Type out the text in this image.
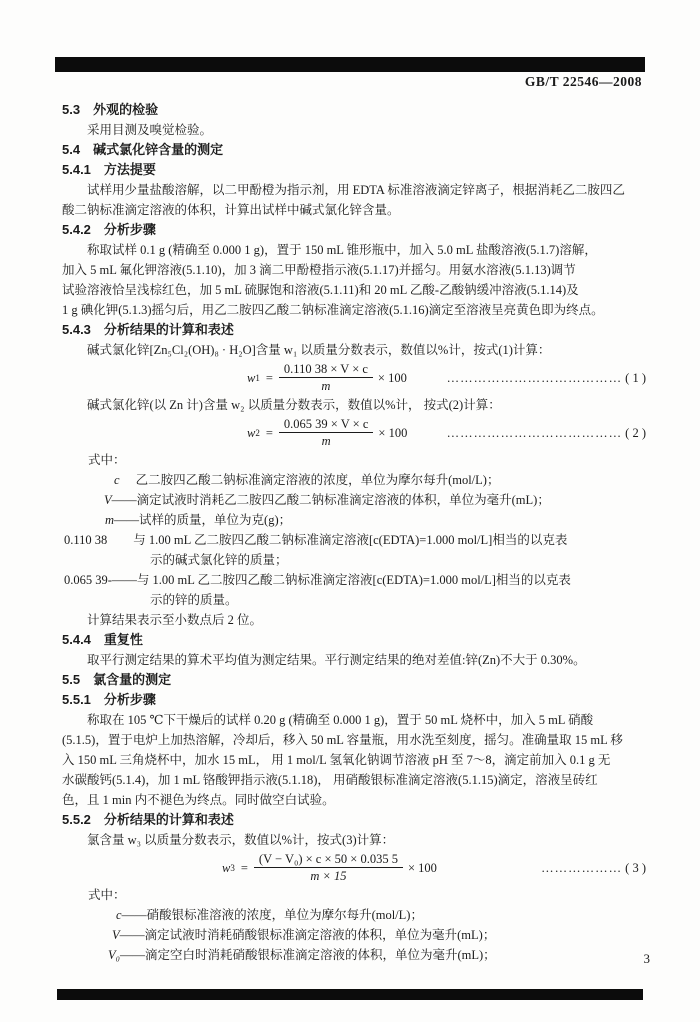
GB/T 22546—2008
5.3　外观的检验
采用目测及嗅觉检验。
5.4　碱式氯化锌含量的测定
5.4.1　方法提要
试样用少量盐酸溶解，以二甲酚橙为指示剂，用 EDTA 标准溶液滴定锌离子，根据消耗乙二胺四乙
酸二钠标准滴定溶液的体积，计算出试样中碱式氯化锌含量。
5.4.2　分析步骤
称取试样 0.1 g (精确至 0.000 1 g)，置于 150 mL 锥形瓶中，加入 5.0 mL 盐酸溶液(5.1.7)溶解，
加入 5 mL 氟化钾溶液(5.1.10)，加 3 滴二甲酚橙指示液(5.1.17)并摇匀。用氨水溶液(5.1.13)调节
试验溶液恰呈浅棕红色，加 5 mL 硫脲饱和溶液(5.1.11)和 20 mL 乙酸-乙酸钠缓冲溶液(5.1.14)及
1 g 碘化钾(5.1.3)摇匀后，用乙二胺四乙酸二钠标准滴定溶液(5.1.16)滴定至溶液呈亮黄色即为终点。
5.4.3　分析结果的计算和表述
碱式氯化锌[Zn₅Cl₂(OH)₈ · H₂O]含量 w₁ 以质量分数表示，数值以%计，按式(1)计算：
w $1 = \frac{0.110 38 \times V \times c}{m} \times 100$	………………………………… ( 1 )
碱式氯化锌(以 Zn 计)含量 w₂ 以质量分数表示，数值以%计， 按式(2)计算：
w $2 = \frac{0.065 39 \times V \times c}{m} \times 100$	………………………………… ( 2 )
式中：
c 乙二胺四乙酸二钠标准滴定溶液的浓度，单位为摩尔每升(mol/L)；
V ——滴定试液时消耗乙二胺四乙酸二钠标准滴定溶液的体积，单位为毫升(mL)；
m ——试样的质量，单位为克(g)；
0.110 38 与 1.00 mL 乙二胺四乙酸二钠标准滴定溶液[c(EDTA)=1.000 mol/L]相当的以克表
示的碱式氯化锌的质量；
0.065 39 -——与 1.00 mL 乙二胺四乙酸二钠标准滴定溶液[c(EDTA)=1.000 mol/L]相当的以克表
示的锌的质量。
计算结果表示至小数点后 2 位。
5.4.4　重复性
取平行测定结果的算术平均值为测定结果。平行测定结果的绝对差值:锌(Zn)不大于 0.30%。
5.5　氯含量的测定
5.5.1　分析步骤
称取在 105 ℃下干燥后的试样 0.20 g (精确至 0.000 1 g)，置于 50 mL 烧杯中，加入 5 mL 硝酸
(5.1.5)，置于电炉上加热溶解，冷却后，移入 50 mL 容量瓶，用水洗至刻度，摇匀。准确量取 15 mL 移
入 150 mL 三角烧杯中，加水 15 mL， 用 1 mol/L 氢氧化钠调节溶液 pH 至 7～8，滴定前加入 0.1 g 无
水碳酸钙(5.1.4)，加 1 mL 铬酸钾指示液(5.1.18)， 用硝酸银标准滴定溶液(5.1.15)滴定，溶液呈砖红
色，且 1 min 内不褪色为终点。同时做空白试验。
5.5.2　分析结果的计算和表述
氯含量 w₃ 以质量分数表示，数值以%计，按式(3)计算：
w $3 = \frac{\text{(V − V₀) × c × 50 × 0.035 5}}{m \times 15} \times 100$	……………… ( 3 )
式中：
c ——硝酸银标准溶液的浓度，单位为摩尔每升(mol/L)；
V ——滴定试液时消耗硝酸银标准滴定溶液的体积，单位为毫升(mL)；
V₀ ——滴定空白时消耗硝酸银标准滴定溶液的体积，单位为毫升(mL)；	3
